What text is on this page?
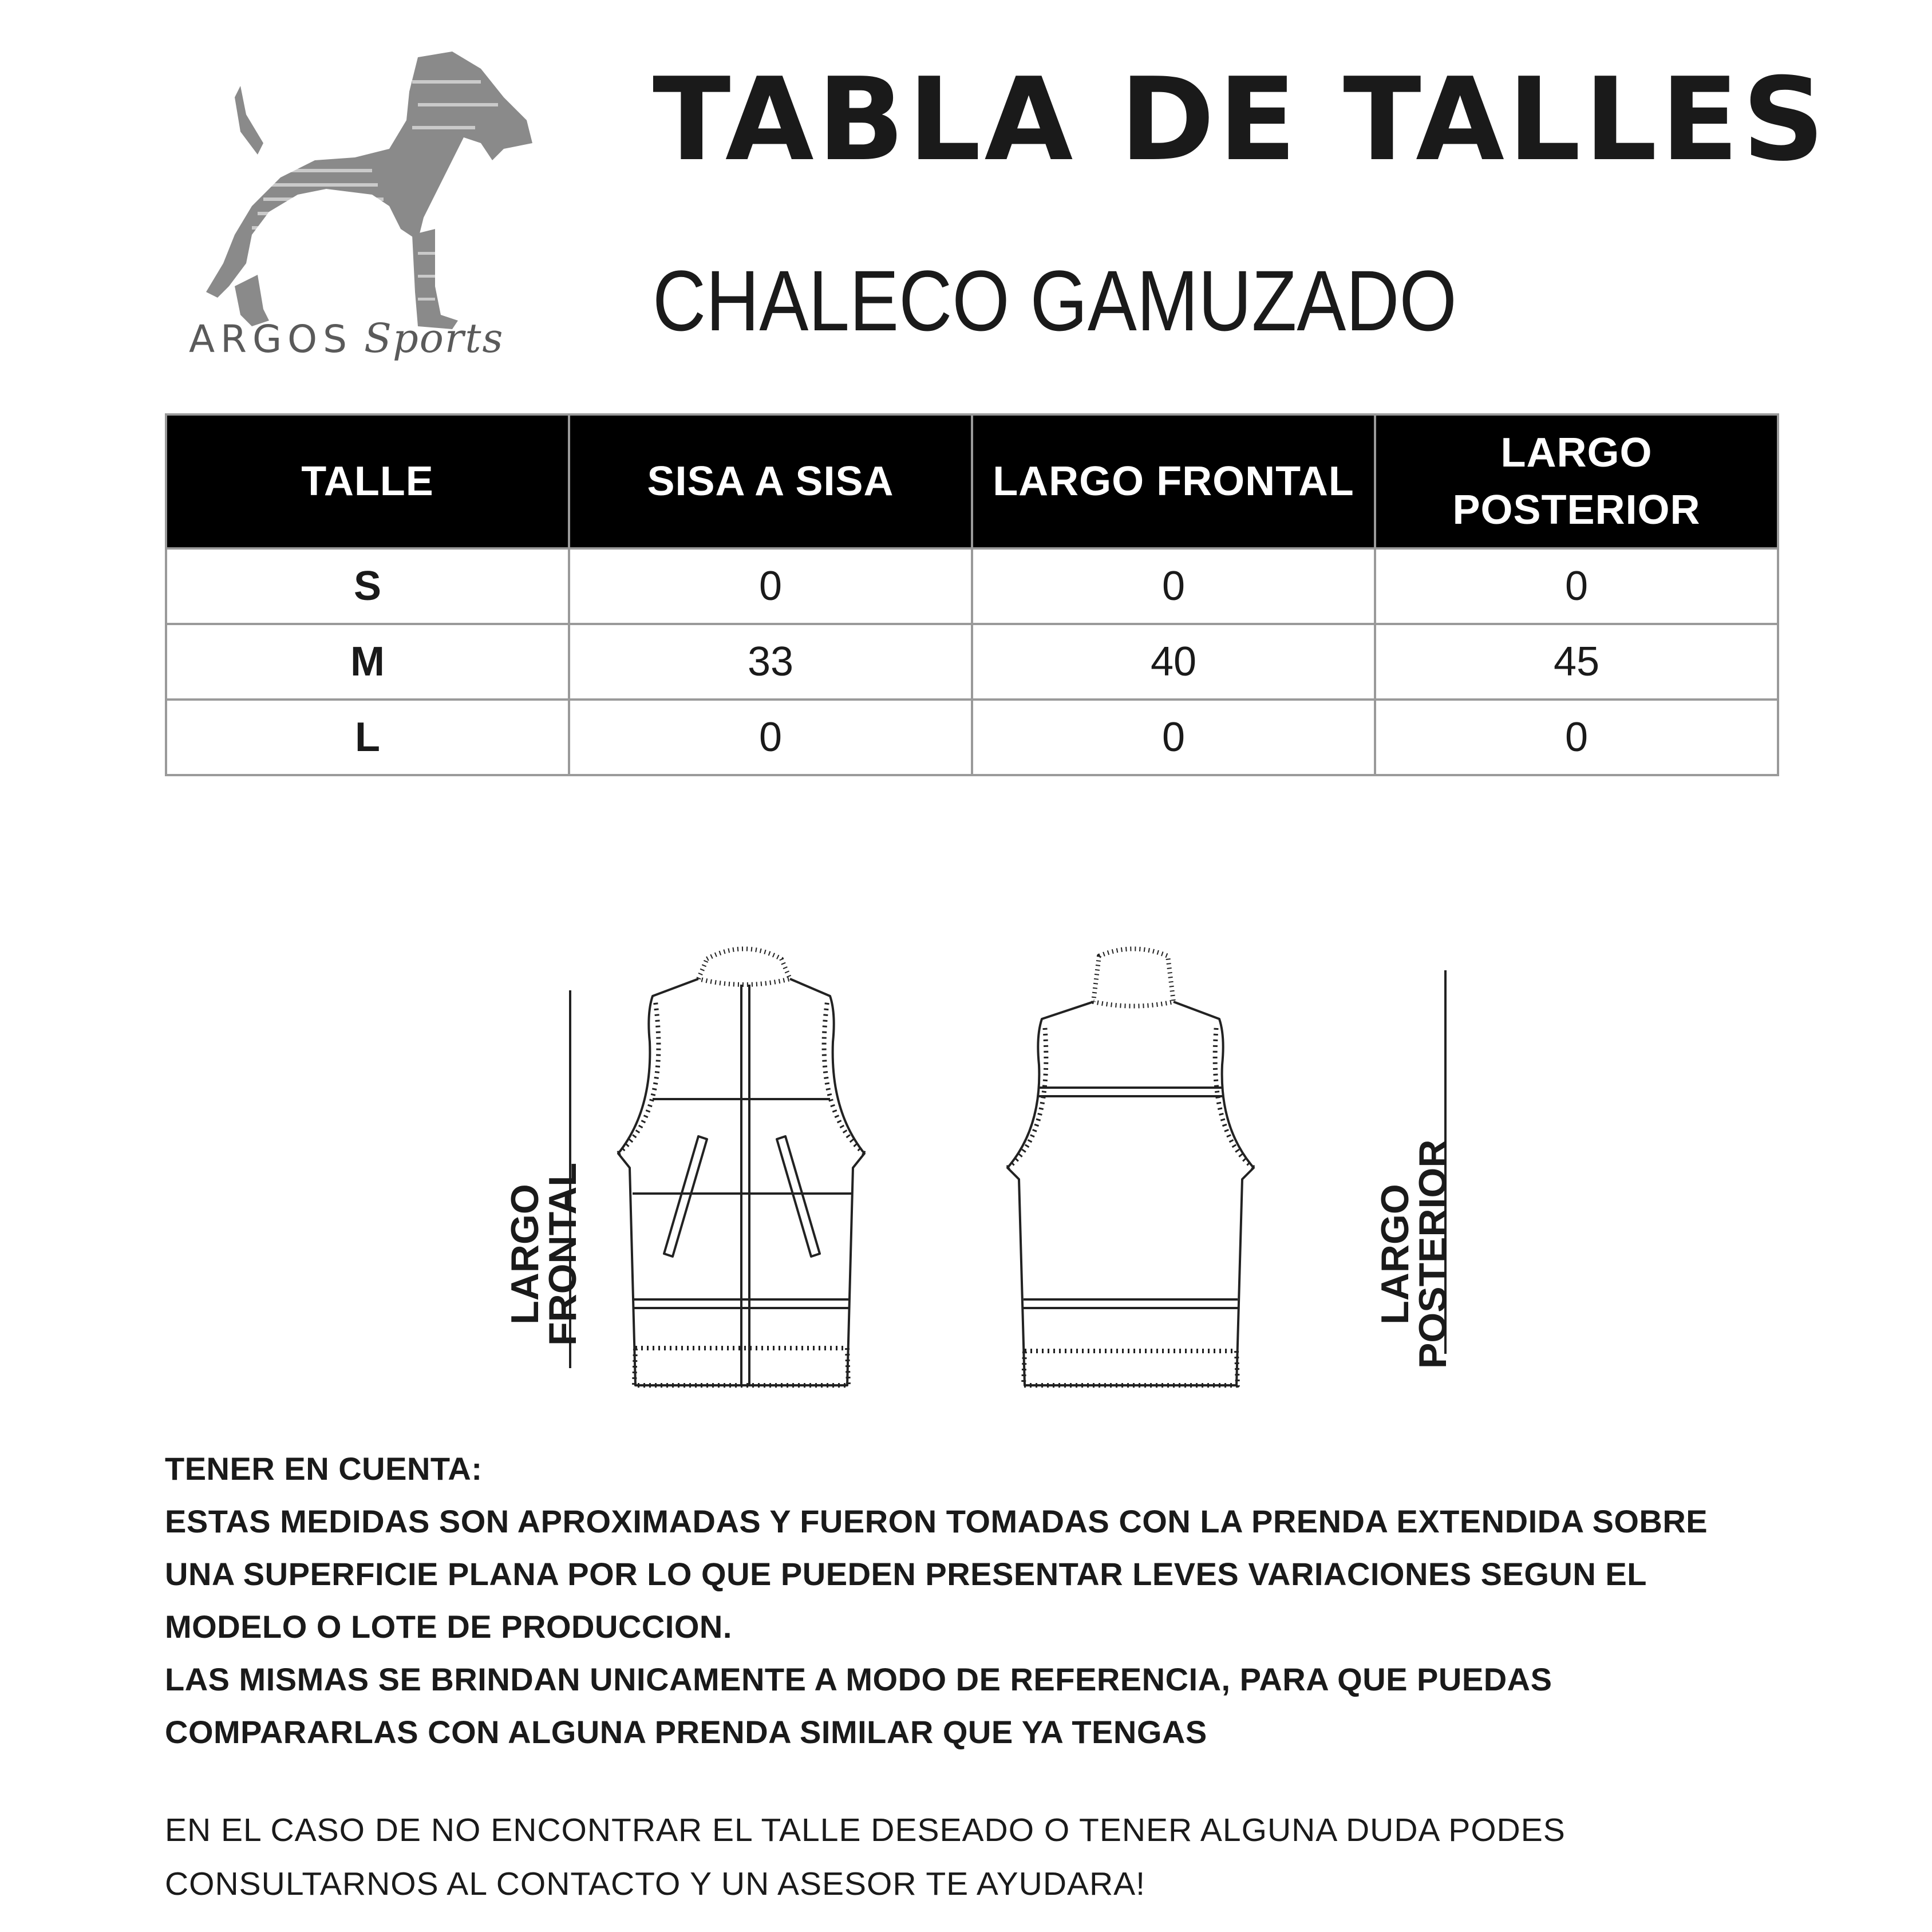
ARGOS Sports
TABLA DE TALLES
CHALECO GAMUZADO
TALLE	SISA A SISA	LARGO FRONTAL	LARGO POSTERIOR
S	0	0	0
M	33	40	45
L	0	0	0
LARGO
FRONTAL	LARGO
POSTERIOR

TENER EN CUENTA:

ESTAS MEDIDAS SON APROXIMADAS Y FUERON TOMADAS CON LA PRENDA EXTENDIDA SOBRE UNA SUPERFICIE PLANA POR LO QUE PUEDEN PRESENTAR LEVES VARIACIONES SEGUN EL MODELO O LOTE DE PRODUCCION.

LAS MISMAS SE BRINDAN UNICAMENTE A MODO DE REFERENCIA, PARA QUE PUEDAS COMPARARLAS CON ALGUNA PRENDA SIMILAR QUE YA TENGAS

EN EL CASO DE NO ENCONTRAR EL TALLE DESEADO O TENER ALGUNA DUDA PODES CONSULTARNOS AL CONTACTO Y UN ASESOR TE AYUDARA!
